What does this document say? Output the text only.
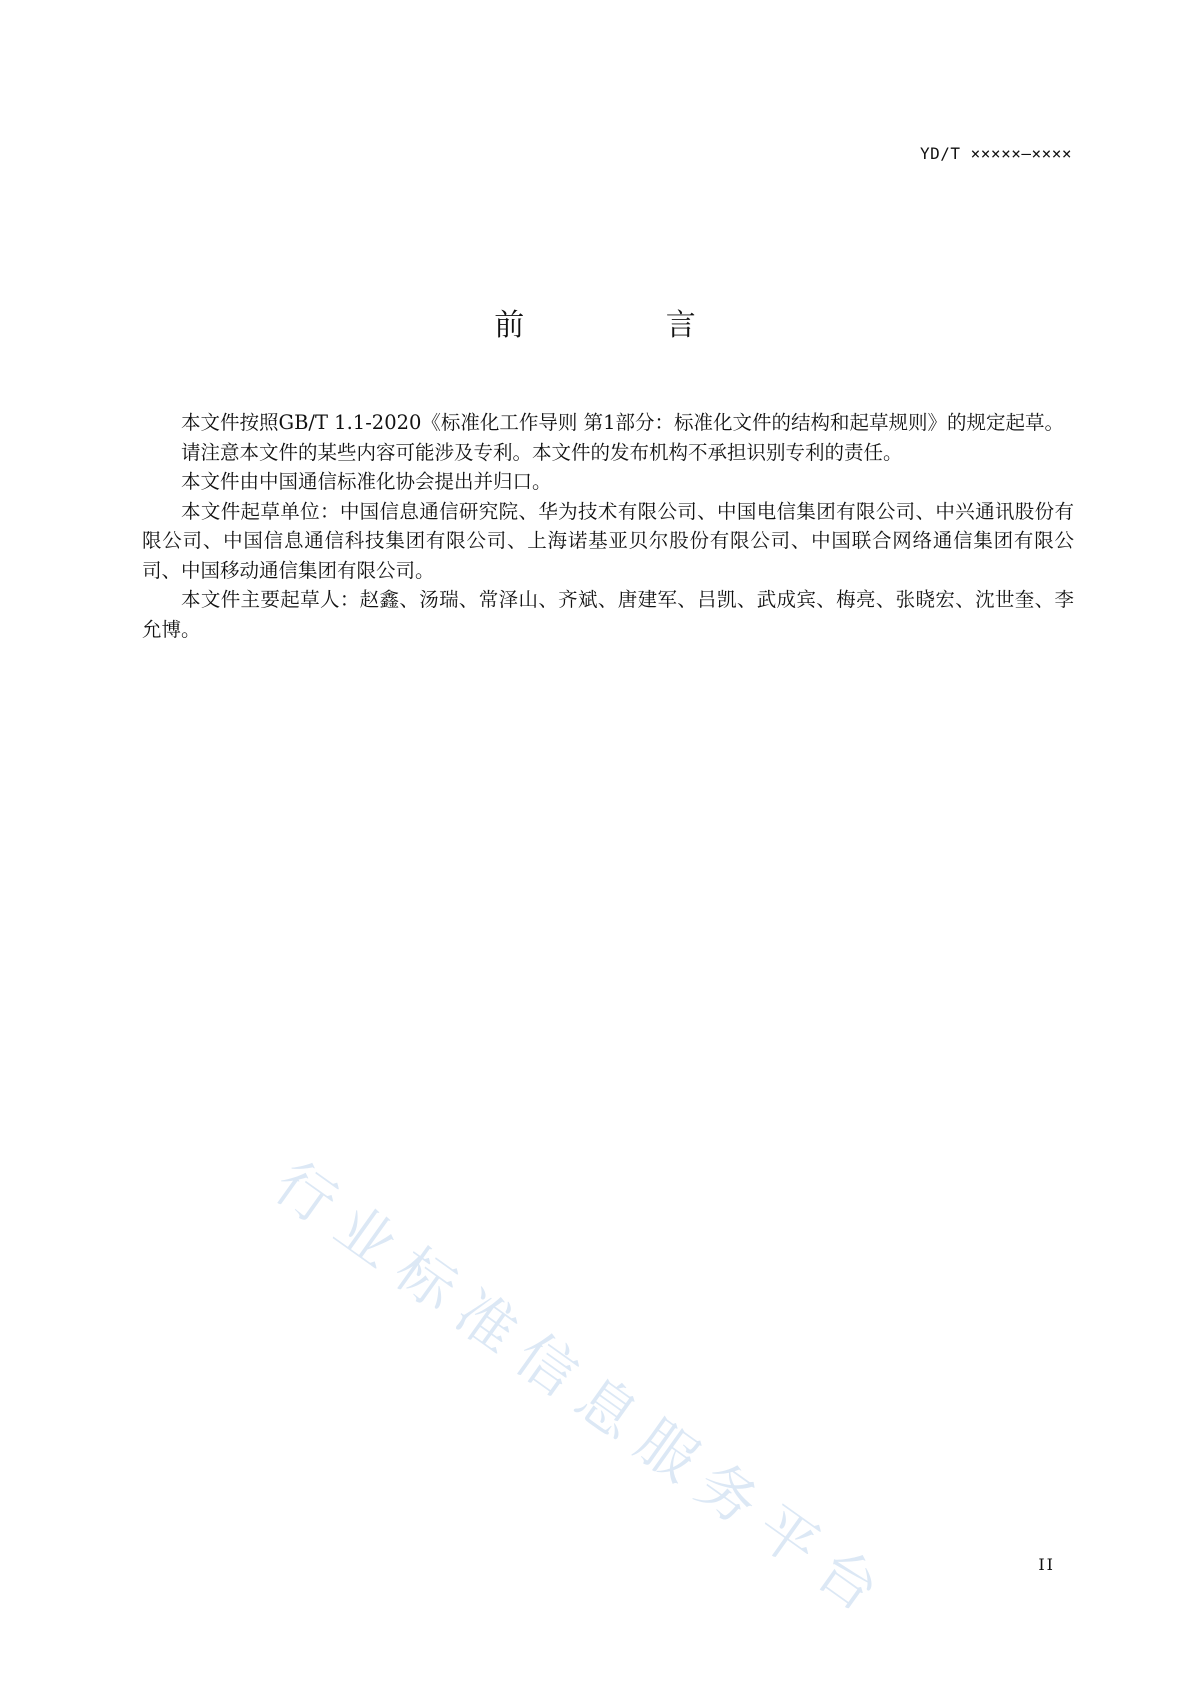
YD/T ×××××—××××
前 言

本文件按照GB/T 1.1-2020《标准化工作导则 第1部分：标准化文件的结构和起草规则》的规定起草。

请注意本文件的某些内容可能涉及专利。本文件的发布机构不承担识别专利的责任。

本文件由中国通信标准化协会提出并归口。

本文件起草单位：中国信息通信研究院、华为技术有限公司、中国电信集团有限公司、中兴通讯股份有限公司、中国信息通信科技集团有限公司、上海诺基亚贝尔股份有限公司、中国联合网络通信集团有限公司、中国移动通信集团有限公司。

本文件主要起草人：赵鑫、汤瑞、常泽山、齐斌、唐建军、吕凯、武成宾、梅亮、张晓宏、沈世奎、李允博。

行业标准信息服务平台	II
